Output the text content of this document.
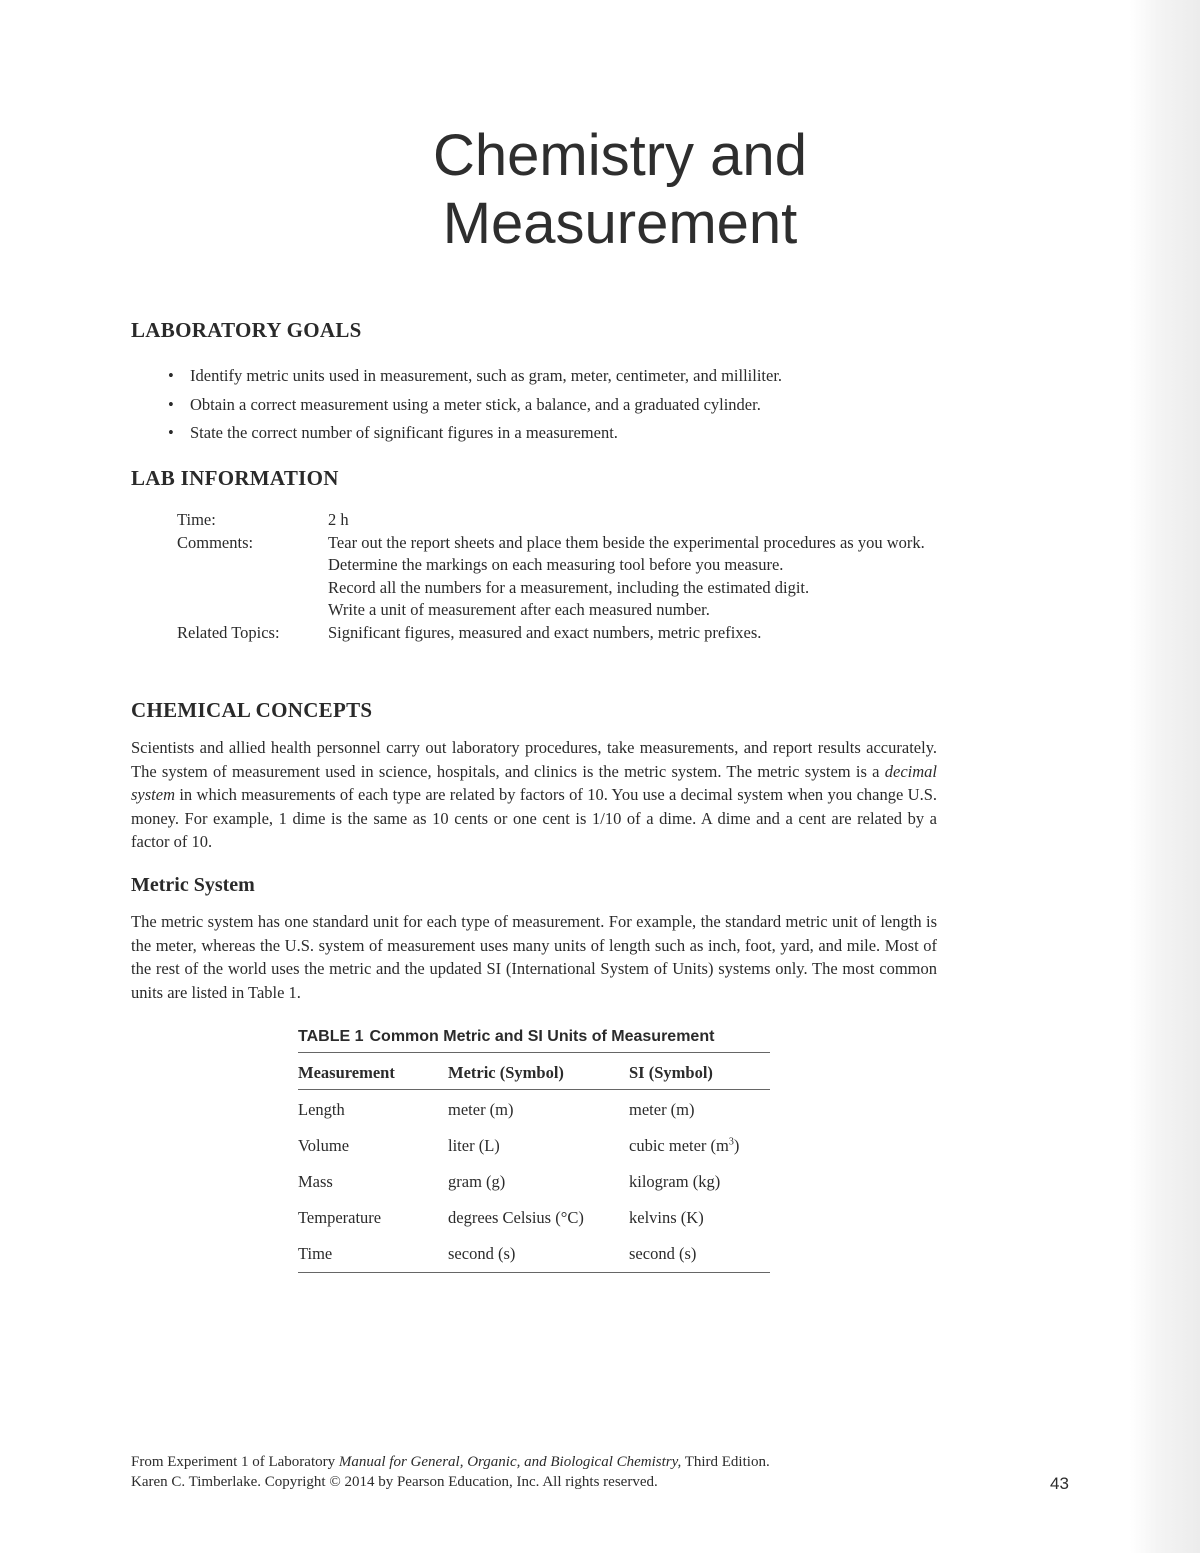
Chemistry and
Measurement
LABORATORY GOALS
• Identify metric units used in measurement, such as gram, meter, centimeter, and milliliter.
• Obtain a correct measurement using a meter stick, a balance, and a graduated cylinder.
• State the correct number of significant figures in a measurement.
LAB INFORMATION
Time:	2 h
Comments:	Tear out the report sheets and place them beside the experimental procedures as you work.
Determine the markings on each measuring tool before you measure.
Record all the numbers for a measurement, including the estimated digit.
Write a unit of measurement after each measured number.
Related Topics:	Significant figures, measured and exact numbers, metric prefixes.
CHEMICAL CONCEPTS

Scientists and allied health personnel carry out laboratory procedures, take measurements, and report results accurately. The system of measurement used in science, hospitals, and clinics is the metric system. The metric system is a decimal system in which measurements of each type are related by factors of 10. You use a decimal system when you change U.S. money. For example, 1 dime is the same as 10 cents or one cent is 1/10 of a dime. A dime and a cent are related by a factor of 10.

Metric System

The metric system has one standard unit for each type of measurement. For example, the standard metric unit of length is the meter, whereas the U.S. system of measurement uses many units of length such as inch, foot, yard, and mile. Most of the rest of the world uses the metric and the updated SI (International System of Units) systems only. The most common units are listed in Table 1.

TABLE 1 Common Metric and SI Units of Measurement
Measurement	Metric (Symbol)	SI (Symbol)
Length	meter (m)	meter (m)
Volume	liter (L)	cubic meter $(m^3)$
Mass	gram (g)	kilogram (kg)
Temperature	degrees Celsius (°C)	kelvins (K)
Time	second (s)	second (s)
From Experiment 1 of Laboratory Manual for General, Organic, and Biological Chemistry, Third Edition.
Karen C. Timberlake. Copyright © 2014 by Pearson Education, Inc. All rights reserved.	43
